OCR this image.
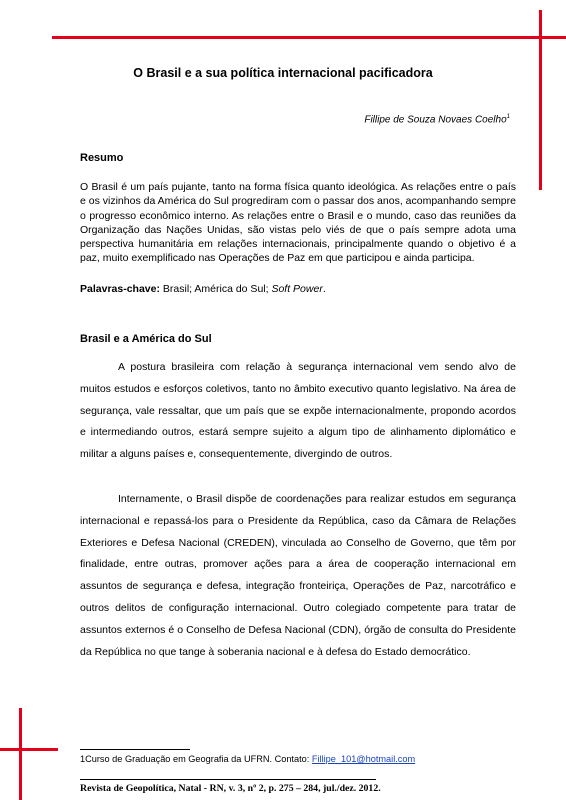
O Brasil e a sua política internacional pacificadora
Fillipe de Souza Novaes Coelho$^1$
Resumo

O Brasil é um país pujante, tanto na forma física quanto ideológica. As relações entre o país e os vizinhos da América do Sul progrediram com o passar dos anos, acompanhando sempre o progresso econômico interno. As relações entre o Brasil e o mundo, caso das reuniões da Organização das Nações Unidas, são vistas pelo viés de que o país sempre adota uma perspectiva humanitária em relações internacionais, principalmente quando o objetivo é a paz, muito exemplificado nas Operações de Paz em que participou e ainda participa.

Palavras-chave: Brasil; América do Sul; Soft Power.
Brasil e a América do Sul

A postura brasileira com relação à segurança internacional vem sendo alvo de muitos estudos e esforços coletivos, tanto no âmbito executivo quanto legislativo. Na área de segurança, vale ressaltar, que um país que se expõe internacionalmente, propondo acordos e intermediando outros, estará sempre sujeito a algum tipo de alinhamento diplomático e militar a alguns países e, consequentemente, divergindo de outros.

Internamente, o Brasil dispõe de coordenações para realizar estudos em segurança internacional e repassá-los para o Presidente da República, caso da Câmara de Relações Exteriores e Defesa Nacional (CREDEN), vinculada ao Conselho de Governo, que têm por finalidade, entre outras, promover ações para a área de cooperação internacional em assuntos de segurança e defesa, integração fronteiriça, Operações de Paz, narcotráfico e outros delitos de configuração internacional. Outro colegiado competente para tratar de assuntos externos é o Conselho de Defesa Nacional (CDN), órgão de consulta do Presidente da República no que tange à soberania nacional e à defesa do Estado democrático.

1Curso de Graduação em Geografia da UFRN. Contato: Fillipe_101@hotmail.com
Revista de Geopolítica, Natal - RN, v. 3, nº 2, p. 275 – 284, jul./dez. 2012.
